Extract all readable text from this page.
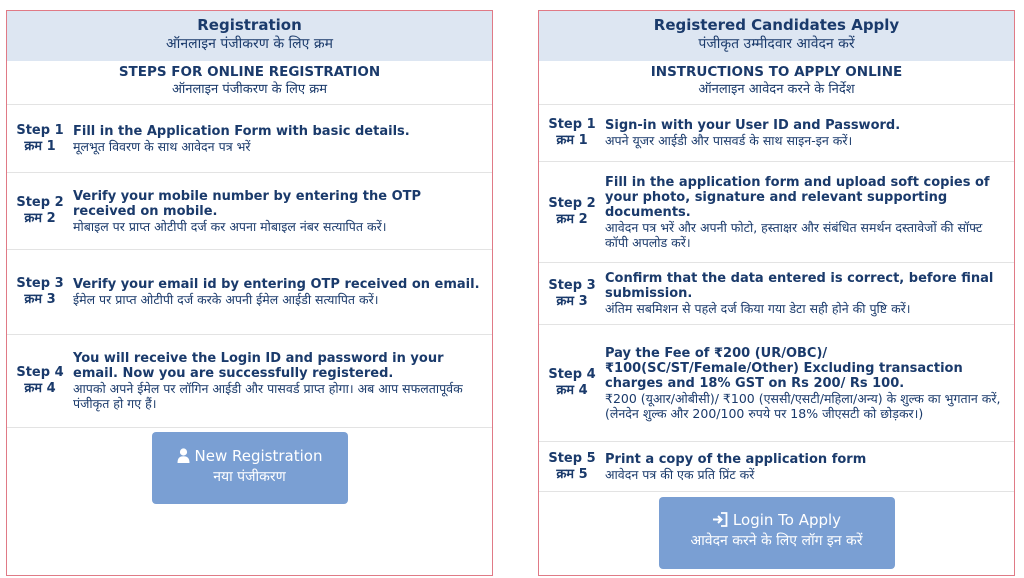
Registration
ऑनलाइन पंजीकरण के लिए क्रम
STEPS FOR ONLINE REGISTRATION
ऑनलाइन पंजीकरण के लिए क्रम
Step 1
क्रम 1
Fill in the Application Form with basic details.
मूलभूत विवरण के साथ आवेदन पत्र भरें
Step 2
क्रम 2
Verify your mobile number by entering the OTP received on mobile.
मोबाइल पर प्राप्त ओटीपी दर्ज कर अपना मोबाइल नंबर सत्यापित करें।
Step 3
क्रम 3
Verify your email id by entering OTP received on email.
ईमेल पर प्राप्त ओटीपी दर्ज करके अपनी ईमेल आईडी सत्यापित करें।
Step 4
क्रम 4
You will receive the Login ID and password in your email. Now you are successfully registered.
आपको अपने ईमेल पर लॉगिन आईडी और पासवर्ड प्राप्त होगा। अब आप सफलतापूर्वक पंजीकृत हो गए हैं।
New Registration
नया पंजीकरण
Registered Candidates Apply
पंजीकृत उम्मीदवार आवेदन करें
INSTRUCTIONS TO APPLY ONLINE
ऑनलाइन आवेदन करने के निर्देश
Step 1
क्रम 1
Sign-in with your User ID and Password.
अपने यूजर आईडी और पासवर्ड के साथ साइन-इन करें।
Step 2
क्रम 2
Fill in the application form and upload soft copies of your photo, signature and relevant supporting documents.
आवेदन पत्र भरें और अपनी फोटो, हस्ताक्षर और संबंधित समर्थन दस्तावेजों की सॉफ्ट कॉपी अपलोड करें।
Step 3
क्रम 3
Confirm that the data entered is correct, before final submission.
अंतिम सबमिशन से पहले दर्ज किया गया डेटा सही होने की पुष्टि करें।
Step 4
क्रम 4
Pay the Fee of ₹200 (UR/OBC)/ ₹100(SC/ST/Female/Other) Excluding transaction charges and 18% GST on Rs 200/ Rs 100.
₹200 (यूआर/ओबीसी)/ ₹100 (एससी/एसटी/महिला/अन्य) के शुल्क का भुगतान करें, (लेनदेन शुल्क और 200/100 रुपये पर 18% जीएसटी को छोड़कर।)
Step 5
क्रम 5
Print a copy of the application form
आवेदन पत्र की एक प्रति प्रिंट करें
Login To Apply
आवेदन करने के लिए लॉग इन करें
